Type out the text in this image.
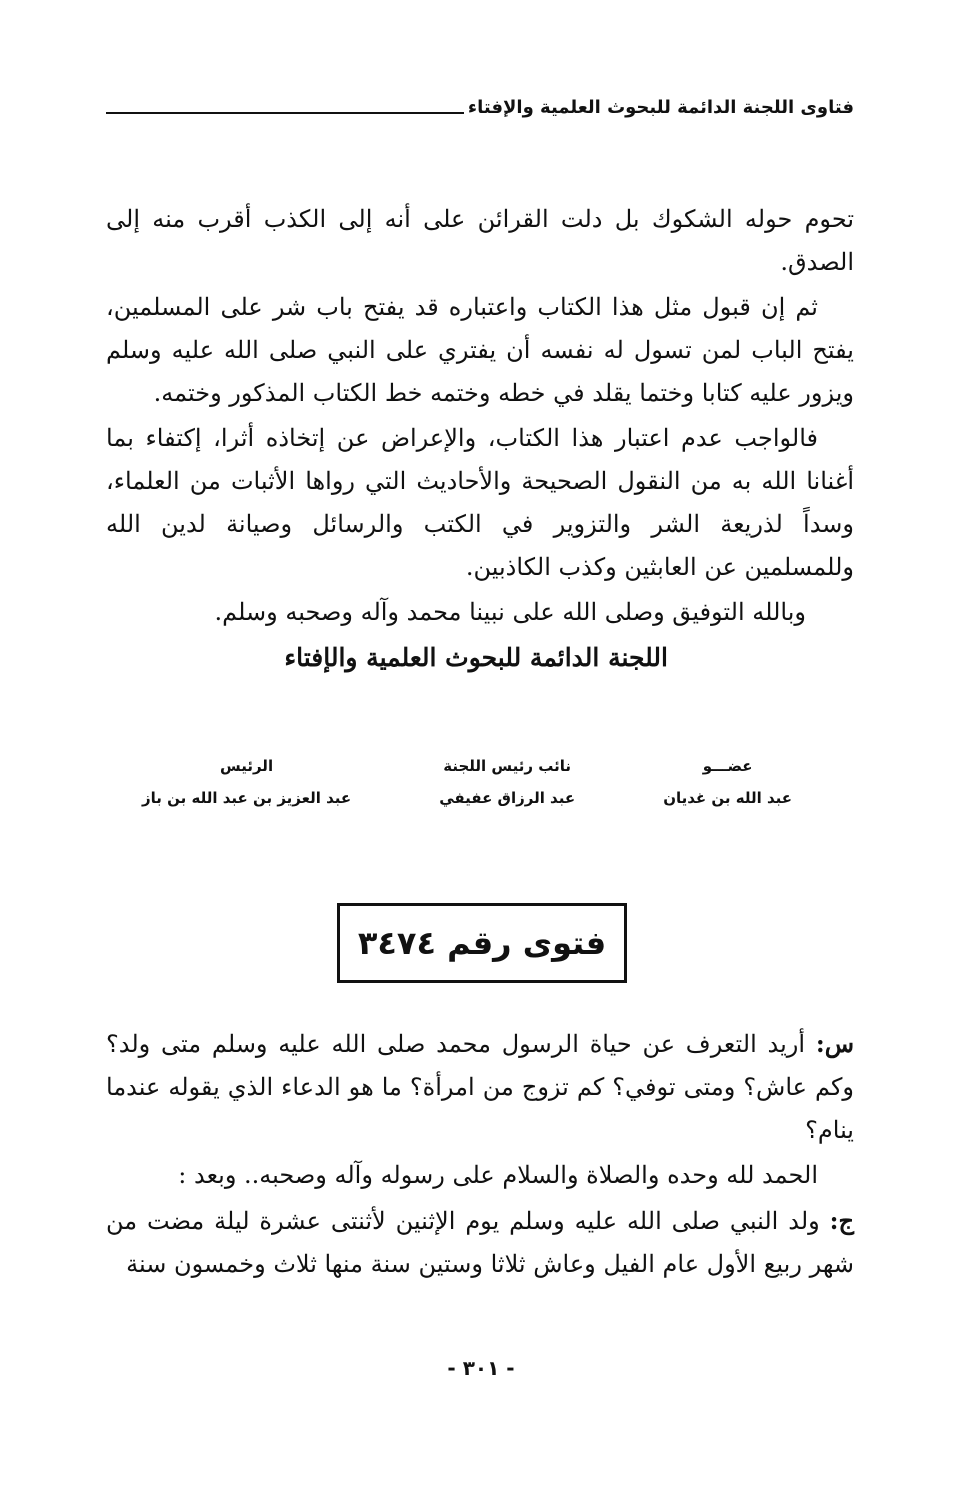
فتاوى اللجنة الدائمة للبحوث العلمية والإفتاء

تحوم حوله الشكوك بل دلت القرائن على أنه إلى الكذب أقرب منه إلى الصدق.

ثم إن قبول مثل هذا الكتاب واعتباره قد يفتح باب شر على المسلمين، يفتح الباب لمن تسول له نفسه أن يفتري على النبي صلى الله عليه وسلم ويزور عليه كتابا وختما يقلد في خطه وختمه خط الكتاب المذكور وختمه.

فالواجب عدم اعتبار هذا الكتاب، والإعراض عن إتخاذه أثرا، إكتفاء بما أغنانا الله به من النقول الصحيحة والأحاديث التي رواها الأثبات من العلماء، وسداً لذريعة الشر والتزوير في الكتب والرسائل وصيانة لدين الله وللمسلمين عن العابثين وكذب الكاذبين.

وبالله التوفيق وصلى الله على نبينا محمد وآله وصحبه وسلم.

اللجنة الدائمة للبحوث العلمية والإفتاء

عضـــو
عبد الله بن غديان
نائب رئيس اللجنة
عبد الرزاق عفيفي
الرئيس
عبد العزيز بن عبد الله بن باز
فتوى رقم ٣٤٧٤

س: أريد التعرف عن حياة الرسول محمد صلى الله عليه وسلم متى ولد؟ وكم عاش؟ ومتى توفي؟ كم تزوج من امرأة؟ ما هو الدعاء الذي يقوله عندما ينام؟

الحمد لله وحده والصلاة والسلام على رسوله وآله وصحبه.. وبعد :

ج: ولد النبي صلى الله عليه وسلم يوم الإثنين لأثنتى عشرة ليلة مضت من شهر ربيع الأول عام الفيل وعاش ثلاثا وستين سنة منها ثلاث وخمسون سنة

- ٣٠١ -
